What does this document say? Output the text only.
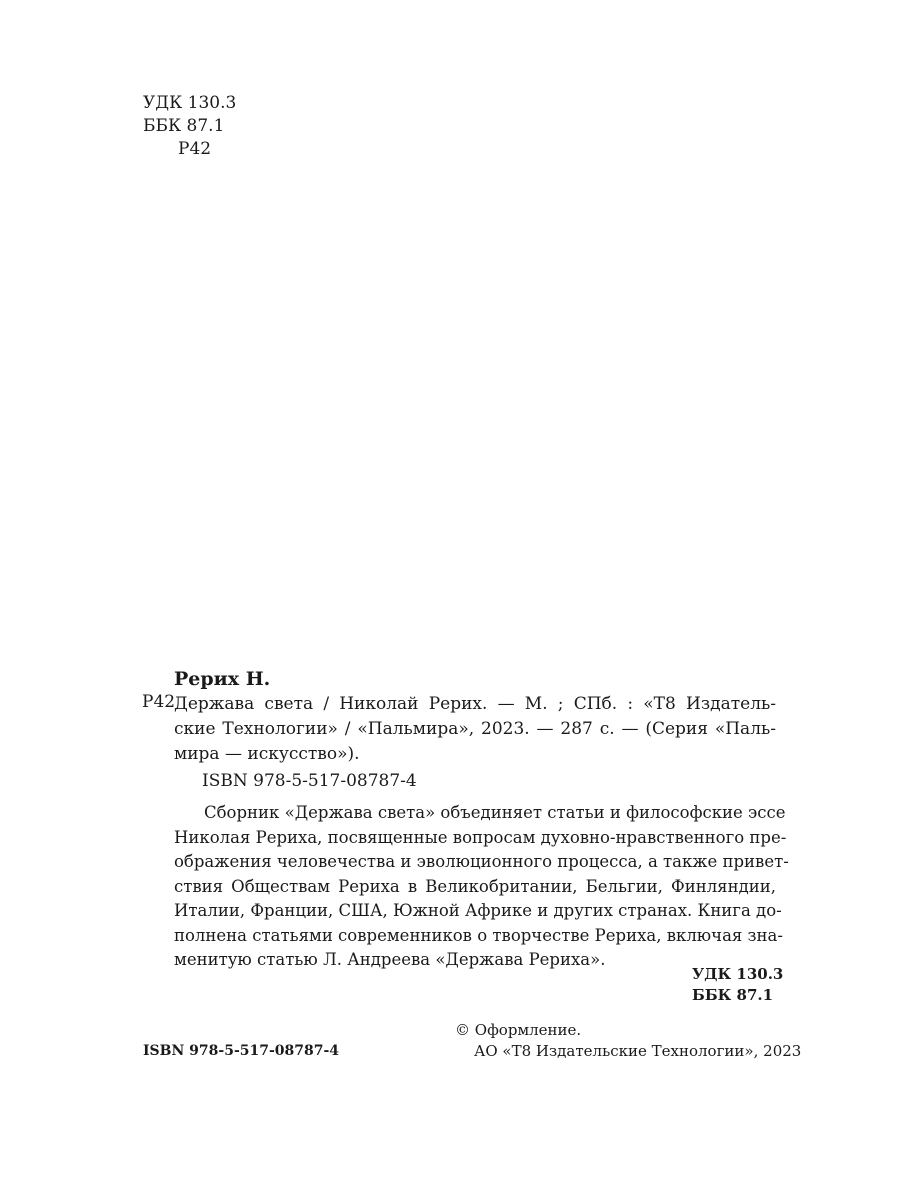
УДК 130.3
ББК 87.1
Р42
Рерих Н.
Р42
Держава света / Николай Рерих. — М. ; СПб. : «Т8 Издатель-
ские Технологии» / «Пальмира», 2023. — 287 с. — (Серия «Паль-
мира — искусство»).
ISBN 978-5-517-08787-4
Сборник «Держава света» объединяет статьи и философские эссе
Николая Рериха, посвященные вопросам духовно-нравственного пре-
ображения человечества и эволюционного процесса, а также привет-
ствия Обществам Рериха в Великобритании, Бельгии, Финляндии,
Италии, Франции, США, Южной Африке и других странах. Книга до-
полнена статьями современников о творчестве Рериха, включая зна-
менитую статью Л. Андреева «Держава Рериха».
УДК 130.3
ББК 87.1
ISBN 978-5-517-08787-4
© Оформление.
АО «Т8 Издательские Технологии», 2023
